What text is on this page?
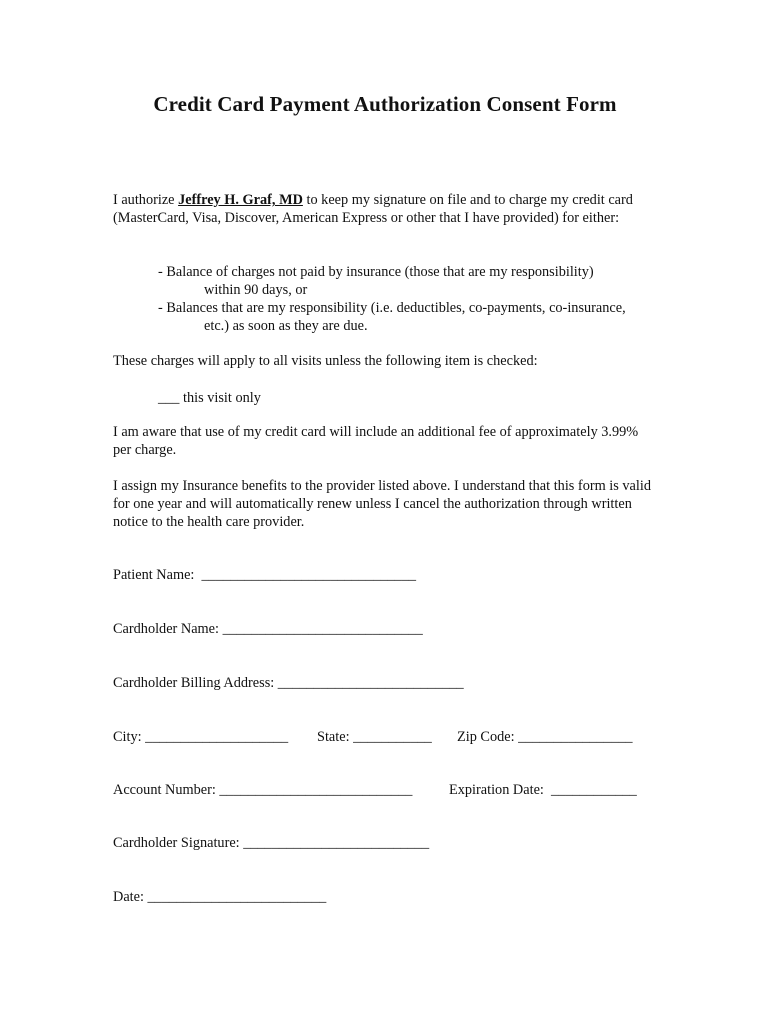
Credit Card Payment Authorization Consent Form

I authorize Jeffrey H. Graf, MD to keep my signature on file and to charge my credit card (MasterCard, Visa, Discover, American Express or other that I have provided) for either:

- Balance of charges not paid by insurance (those that are my responsibility)
within 90 days, or
- Balances that are my responsibility (i.e. deductibles, co-payments, co-insurance,
etc.) as soon as they are due.

These charges will apply to all visits unless the following item is checked:

___ this visit only

I am aware that use of my credit card will include an additional fee of approximately 3.99% per charge.

I assign my Insurance benefits to the provider listed above. I understand that this form is valid for one year and will automatically renew unless I cancel the authorization through written notice to the health care provider.

Patient Name:  ______________________________
Cardholder Name: ____________________________
Cardholder Billing Address: __________________________
City: ____________________ State: ___________ Zip Code: ________________
Account Number: ___________________________	Expiration Date:  ____________
Cardholder Signature: __________________________
Date: _________________________
